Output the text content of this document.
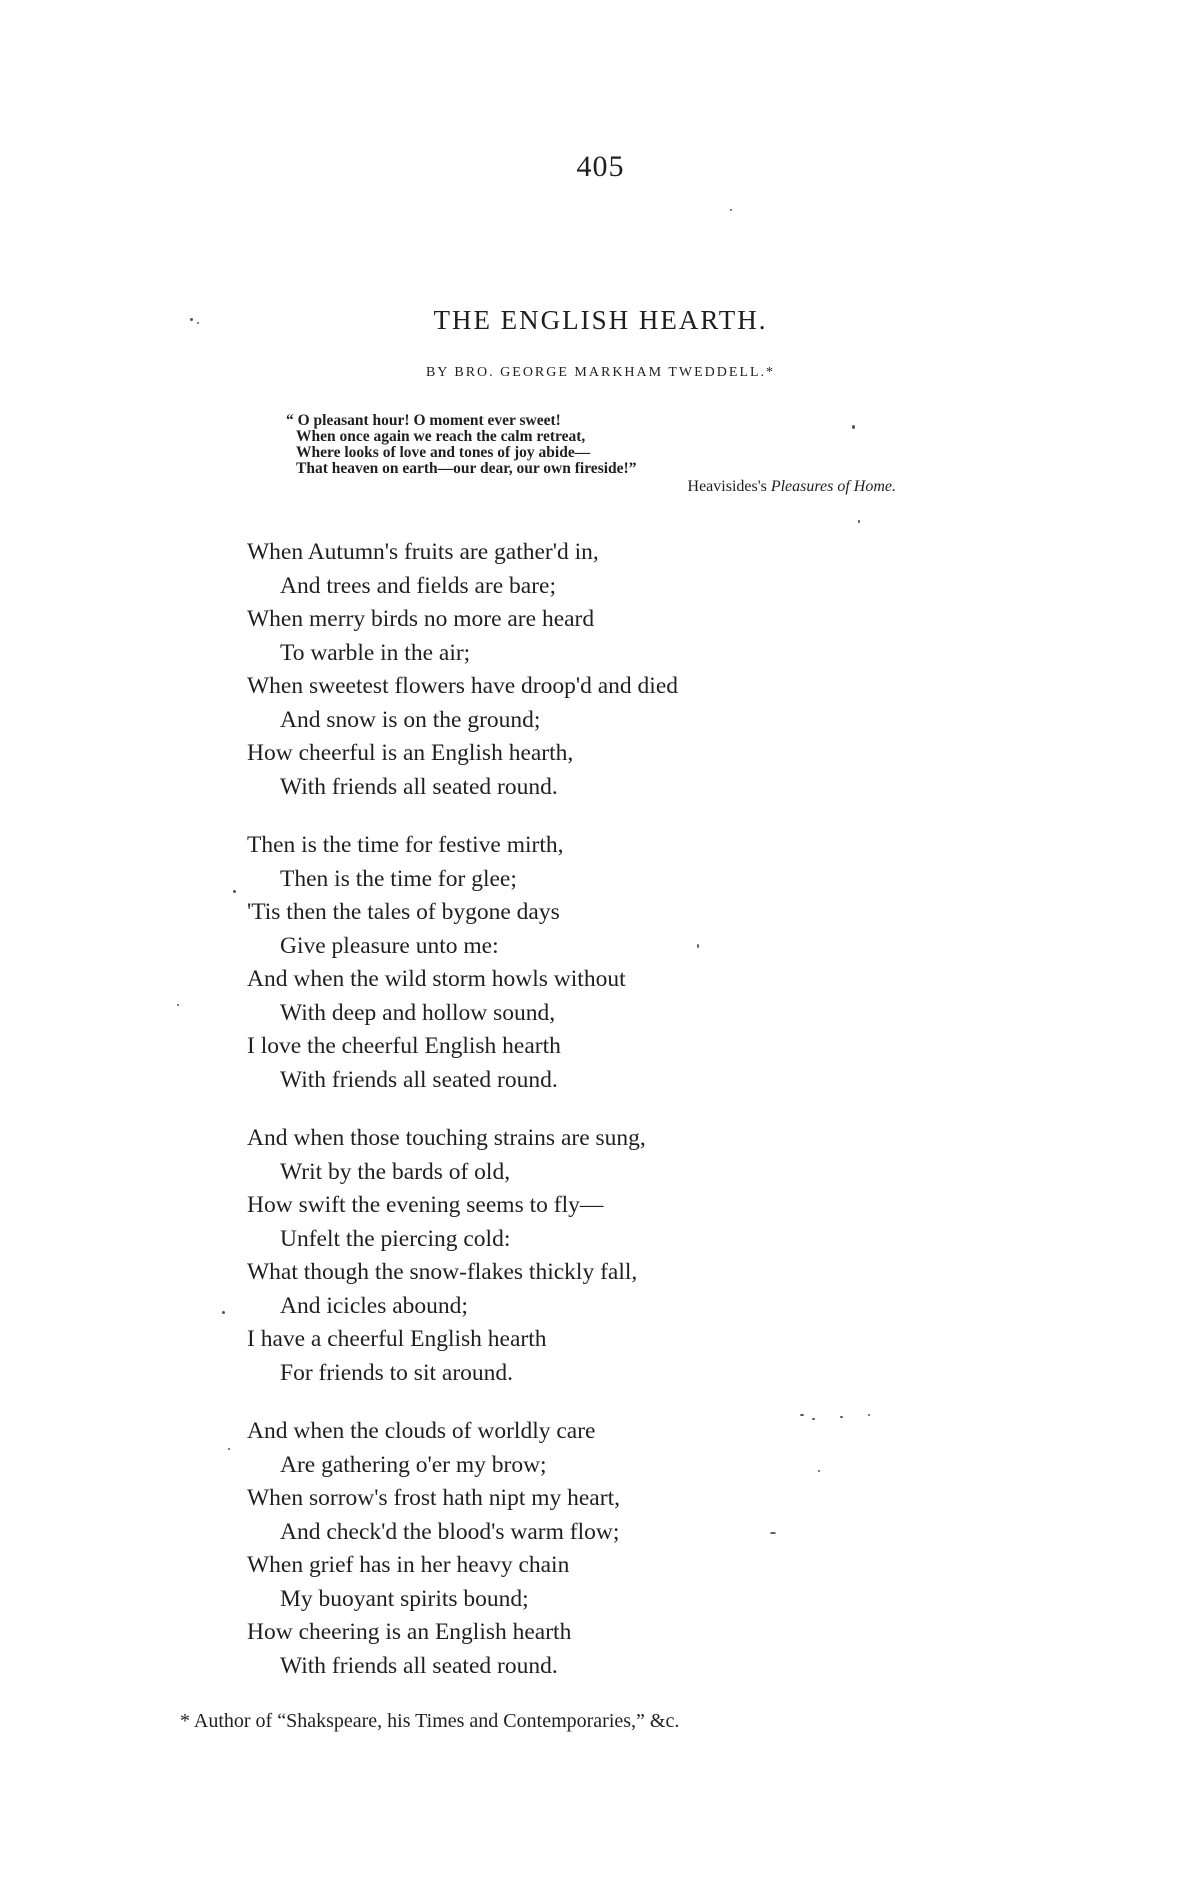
405
THE ENGLISH HEARTH.
BY BRO. GEORGE MARKHAM TWEDDELL.*
“ O pleasant hour! O moment ever sweet!
When once again we reach the calm retreat,
Where looks of love and tones of joy abide—
That heaven on earth—our dear, our own fireside!”
Heavisides's Pleasures of Home.
When Autumn's fruits are gather'd in,
And trees and fields are bare;
When merry birds no more are heard
To warble in the air;
When sweetest flowers have droop'd and died
And snow is on the ground;
How cheerful is an English hearth,
With friends all seated round.
Then is the time for festive mirth,
Then is the time for glee;
'Tis then the tales of bygone days
Give pleasure unto me:
And when the wild storm howls without
With deep and hollow sound,
I love the cheerful English hearth
With friends all seated round.
And when those touching strains are sung,
Writ by the bards of old,
How swift the evening seems to fly—
Unfelt the piercing cold:
What though the snow-flakes thickly fall,
And icicles abound;
I have a cheerful English hearth
For friends to sit around.
And when the clouds of worldly care
Are gathering o'er my brow;
When sorrow's frost hath nipt my heart,
And check'd the blood's warm flow;
When grief has in her heavy chain
My buoyant spirits bound;
How cheering is an English hearth
With friends all seated round.
* Author of “Shakspeare, his Times and Contemporaries,” &c.
